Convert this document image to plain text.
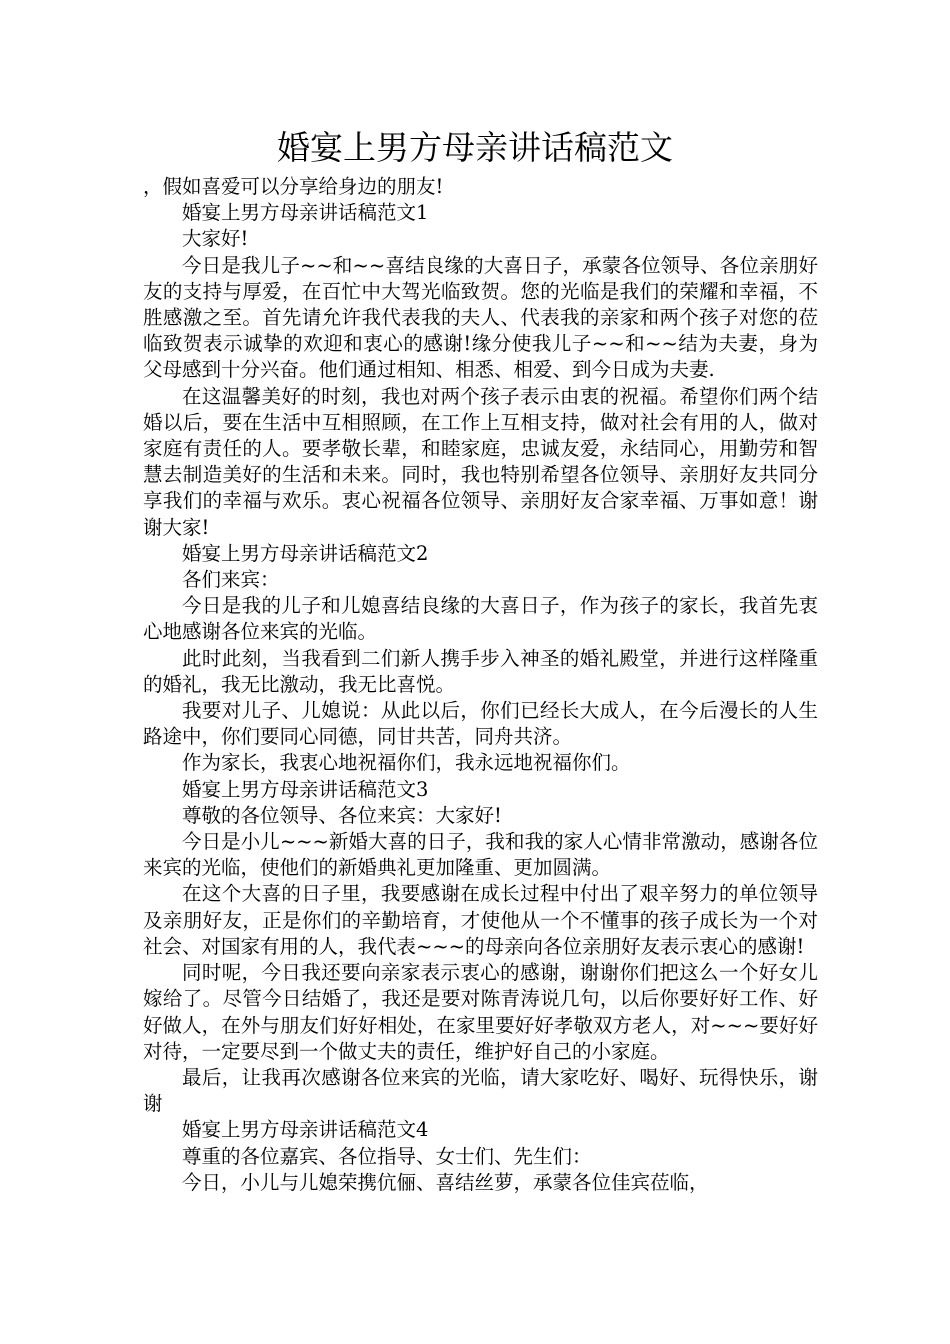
婚宴上男方母亲讲话稿范文

，假如喜爱可以分享给身边的朋友!

婚宴上男方母亲讲话稿范文1

大家好!

今日是我儿子~~和~~喜结良缘的大喜日子，承蒙各位领导、各位亲朋好友的支持与厚爱，在百忙中大驾光临致贺。您的光临是我们的荣耀和幸福，不胜感激之至。首先请允许我代表我的夫人、代表我的亲家和两个孩子对您的莅临致贺表示诚挚的欢迎和衷心的感谢!缘分使我儿子~~和~~结为夫妻，身为父母感到十分兴奋。他们通过相知、相悉、相爱、到今日成为夫妻.

在这温馨美好的时刻，我也对两个孩子表示由衷的祝福。希望你们两个结婚以后，要在生活中互相照顾，在工作上互相支持，做对社会有用的人，做对家庭有责任的人。要孝敬长辈，和睦家庭，忠诚友爱，永结同心，用勤劳和智慧去制造美好的生活和未来。同时，我也特别希望各位领导、亲朋好友共同分享我们的幸福与欢乐。衷心祝福各位领导、亲朋好友合家幸福、万事如意！谢谢大家!

婚宴上男方母亲讲话稿范文2

各们来宾：

今日是我的儿子和儿媳喜结良缘的大喜日子，作为孩子的家长，我首先衷心地感谢各位来宾的光临。

此时此刻，当我看到二们新人携手步入神圣的婚礼殿堂，并进行这样隆重的婚礼，我无比激动，我无比喜悦。

我要对儿子、儿媳说：从此以后，你们已经长大成人，在今后漫长的人生路途中，你们要同心同德，同甘共苦，同舟共济。

作为家长，我衷心地祝福你们，我永远地祝福你们。

婚宴上男方母亲讲话稿范文3

尊敬的各位领导、各位来宾：大家好!

今日是小儿~~~新婚大喜的日子，我和我的家人心情非常激动，感谢各位来宾的光临，使他们的新婚典礼更加隆重、更加圆满。

在这个大喜的日子里，我要感谢在成长过程中付出了艰辛努力的单位领导及亲朋好友，正是你们的辛勤培育，才使他从一个不懂事的孩子成长为一个对社会、对国家有用的人，我代表~~~的母亲向各位亲朋好友表示衷心的感谢!

同时呢，今日我还要向亲家表示衷心的感谢，谢谢你们把这么一个好女儿嫁给了。尽管今日结婚了，我还是要对陈青涛说几句，以后你要好好工作、好好做人，在外与朋友们好好相处，在家里要好好孝敬双方老人，对~~~要好好对待，一定要尽到一个做丈夫的责任，维护好自己的小家庭。

最后，让我再次感谢各位来宾的光临，请大家吃好、喝好、玩得快乐，谢谢

婚宴上男方母亲讲话稿范文4

尊重的各位嘉宾、各位指导、女士们、先生们：

今日，小儿与儿媳荣携伉俪、喜结丝萝，承蒙各位佳宾莅临，
